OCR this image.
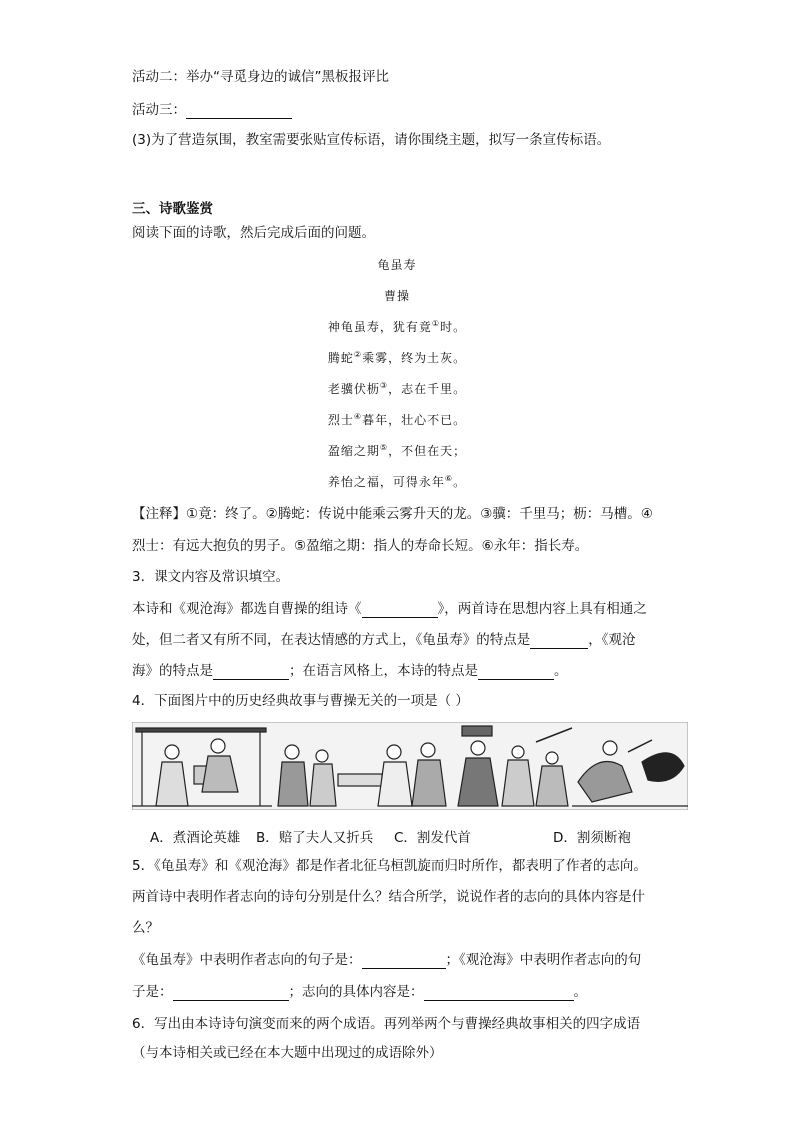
活动二：举办“寻觅身边的诚信”黑板报评比
活动三：
(3)为了营造氛围，教室需要张贴宣传标语，请你围绕主题，拟写一条宣传标语。
三、诗歌鉴赏
阅读下面的诗歌，然后完成后面的问题。
龟虽寿
曹操
神龟虽寿，犹有竟①时。
腾蛇②乘雾，终为土灰。
老骥伏枥③，志在千里。
烈士④暮年，壮心不已。
盈缩之期⑤，不但在天；
养怡之福，可得永年⑥。
【注释】①竟：终了。②腾蛇：传说中能乘云雾升天的龙。③骥：千里马；枥：马槽。④
烈士：有远大抱负的男子。⑤盈缩之期：指人的寿命长短。⑥永年：指长寿。
3．课文内容及常识填空。
本诗和《观沧海》都选自曹操的组诗《	》，两首诗在思想内容上具有相通之
处，但二者又有所不同，在表达情感的方式上，《龟虽寿》的特点是	，《观沧
海》的特点是	；在语言风格上，本诗的特点是	。
4．下面图片中的历史经典故事与曹操无关的一项是（ ）
A．煮酒论英雄 B．赔了夫人又折兵 C．割发代首	D．割须断袍
5．《龟虽寿》和《观沧海》都是作者北征乌桓凯旋而归时所作，都表明了作者的志向。
两首诗中表明作者志向的诗句分别是什么？结合所学，说说作者的志向的具体内容是什
么？
《龟虽寿》中表明作者志向的句子是：	；《观沧海》中表明作者志向的句
子是：	；志向的具体内容是：	。
6．写出由本诗诗句演变而来的两个成语。再列举两个与曹操经典故事相关的四字成语
（与本诗相关或已经在本大题中出现过的成语除外）
